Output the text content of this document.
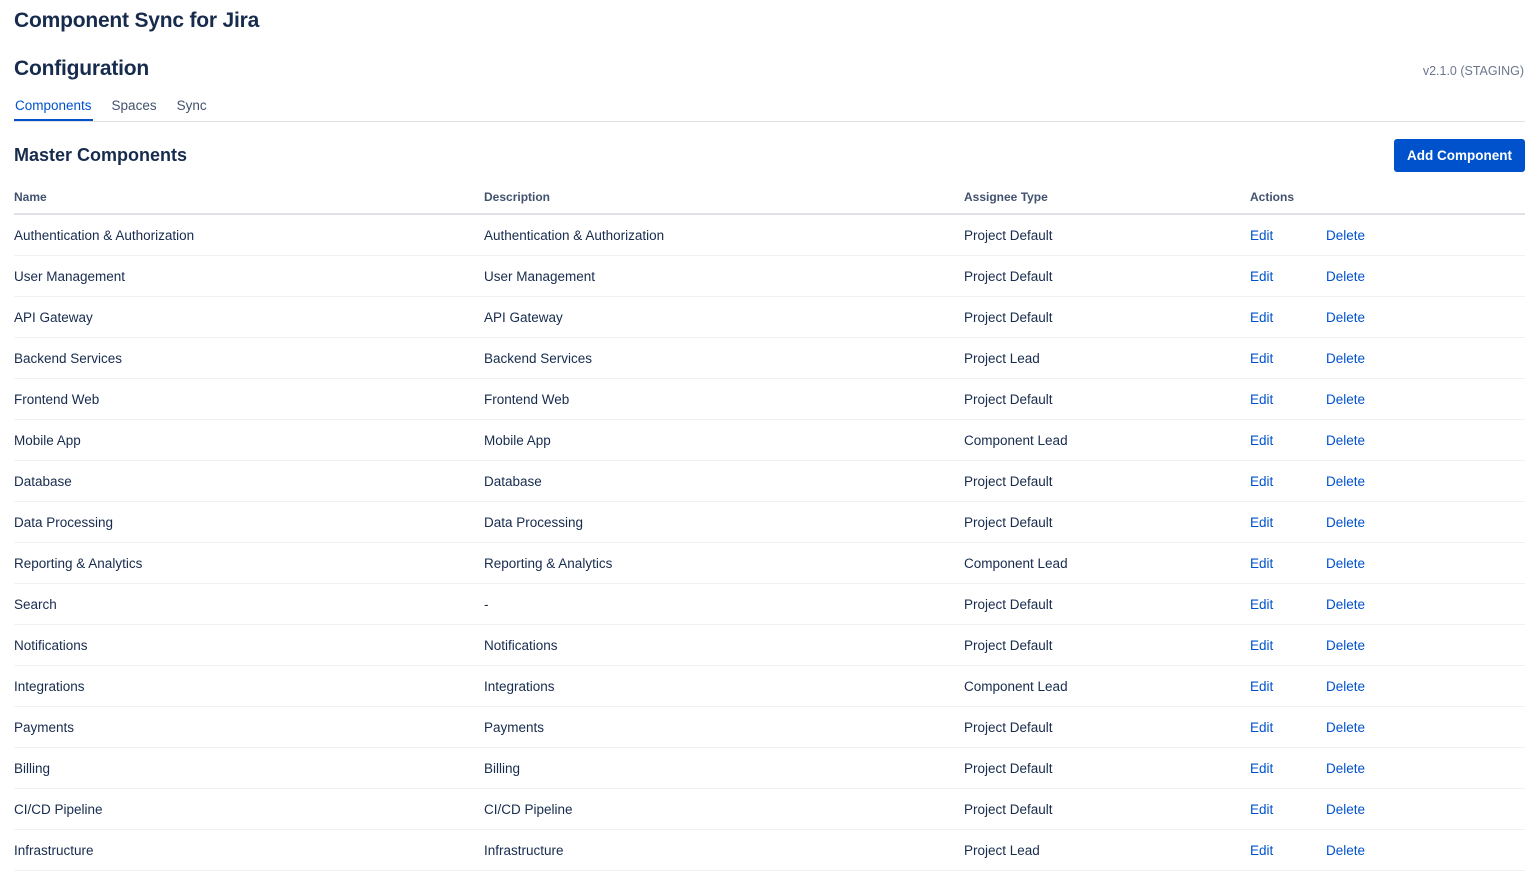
Component Sync for Jira
Configuration	v2.1.0 (STAGING)
Components Spaces Sync
Master Components	Add Component
Name	Description	Assignee Type	Actions
Authentication & Authorization	Authentication & Authorization	Project Default	Edit Delete
User Management	User Management	Project Default	Edit Delete
API Gateway	API Gateway	Project Default	Edit Delete
Backend Services	Backend Services	Project Lead	Edit Delete
Frontend Web	Frontend Web	Project Default	Edit Delete
Mobile App	Mobile App	Component Lead	Edit Delete
Database	Database	Project Default	Edit Delete
Data Processing	Data Processing	Project Default	Edit Delete
Reporting & Analytics	Reporting & Analytics	Component Lead	Edit Delete
Search	-	Project Default	Edit Delete
Notifications	Notifications	Project Default	Edit Delete
Integrations	Integrations	Component Lead	Edit Delete
Payments	Payments	Project Default	Edit Delete
Billing	Billing	Project Default	Edit Delete
CI/CD Pipeline	CI/CD Pipeline	Project Default	Edit Delete
Infrastructure	Infrastructure	Project Lead	Edit Delete
